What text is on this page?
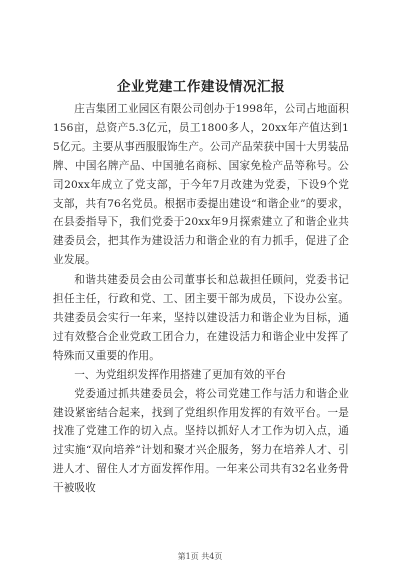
企业党建工作建设情况汇报

庄吉集团工业园区有限公司创办于1998年，公司占地面积156亩，总资产5.3亿元，员工1800多人，20xx年产值达到15亿元。主要从事西服服饰生产。公司产品荣获中国十大男装品牌、中国名牌产品、中国驰名商标、国家免检产品等称号。公司20xx年成立了党支部，于今年7月改建为党委，下设9个党支部，共有76名党员。根据市委提出建设“和谐企业”的要求，在县委指导下，我们党委于20xx年9月探索建立了和谐企业共建委员会，把其作为建设活力和谐企业的有力抓手，促进了企业发展。

和谐共建委员会由公司董事长和总裁担任顾问，党委书记担任主任，行政和党、工、团主要干部为成员，下设办公室。共建委员会实行一年来，坚持以建设活力和谐企业为目标，通过有效整合企业党政工团合力，在建设活力和谐企业中发挥了特殊而又重要的作用。

一、为党组织发挥作用搭建了更加有效的平台

党委通过抓共建委员会，将公司党建工作与活力和谐企业建设紧密结合起来，找到了党组织作用发挥的有效平台。一是找准了党建工作的切入点。坚持以抓好人才工作为切入点，通过实施“双向培养”计划和聚才兴企服务，努力在培养人才、引进人才、留住人才方面发挥作用。一年来公司共有32名业务骨干被吸收

第1页 共4页
